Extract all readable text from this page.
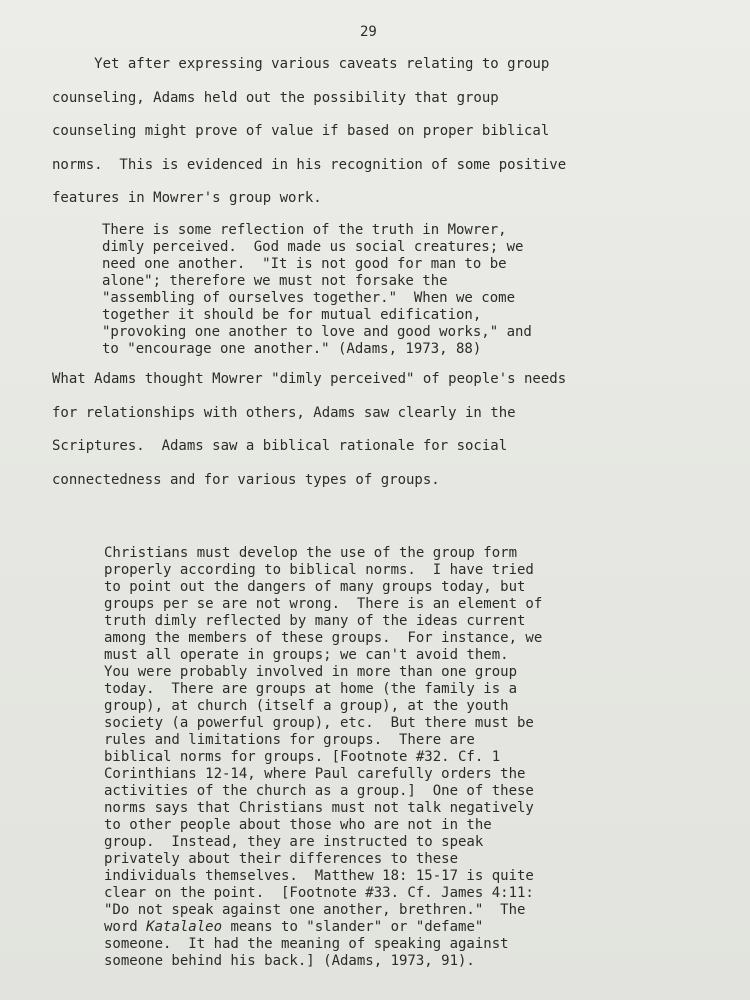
29
Yet after expressing various caveats relating to group
counseling, Adams held out the possibility that group
counseling might prove of value if based on proper biblical
norms.  This is evidenced in his recognition of some positive
features in Mowrer's group work.
There is some reflection of the truth in Mowrer,
dimly perceived.  God made us social creatures; we
need one another.  "It is not good for man to be
alone"; therefore we must not forsake the
"assembling of ourselves together."  When we come
together it should be for mutual edification,
"provoking one another to love and good works," and
to "encourage one another." (Adams, 1973, 88)
What Adams thought Mowrer "dimly perceived" of people's needs
for relationships with others, Adams saw clearly in the
Scriptures.  Adams saw a biblical rationale for social
connectedness and for various types of groups.

Christians must develop the use of the group form
properly according to biblical norms.  I have tried
to point out the dangers of many groups today, but
groups per se are not wrong.  There is an element of
truth dimly reflected by many of the ideas current
among the members of these groups.  For instance, we
must all operate in groups; we can't avoid them.
You were probably involved in more than one group
today.  There are groups at home (the family is a
group), at church (itself a group), at the youth
society (a powerful group), etc.  But there must be
rules and limitations for groups.  There are
biblical norms for groups. [Footnote #32. Cf. 1
Corinthians 12-14, where Paul carefully orders the
activities of the church as a group.]  One of these
norms says that Christians must not talk negatively
to other people about those who are not in the
group.  Instead, they are instructed to speak
privately about their differences to these
individuals themselves.  Matthew 18: 15-17 is quite
clear on the point.  [Footnote #33. Cf. James 4:11:
"Do not speak against one another, brethren."  The
word Katalaleo means to "slander" or "defame"
someone.  It had the meaning of speaking against
someone behind his back.] (Adams, 1973, 91).
